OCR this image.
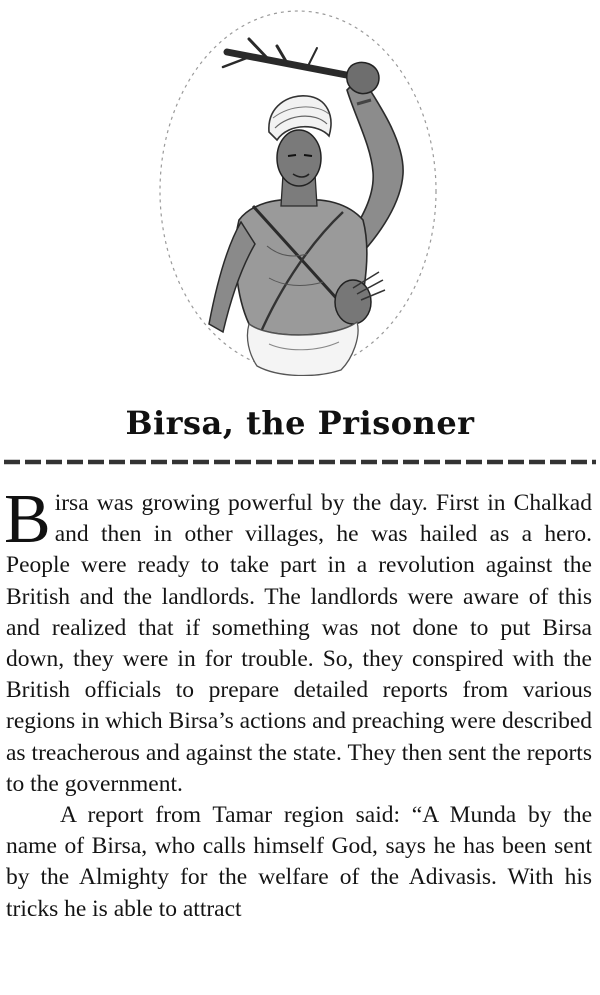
Birsa, the Prisoner

Birsa was growing powerful by the day. First in Chalkad and then in other villages, he was hailed as a hero. People were ready to take part in a revolution against the British and the landlords. The landlords were aware of this and realized that if something was not done to put Birsa down, they were in for trouble. So, they conspired with the British officials to prepare detailed reports from various regions in which Birsa’s actions and preaching were described as treacherous and against the state. They then sent the reports to the government.

A report from Tamar region said: “A Munda by the name of Birsa, who calls himself God, says he has been sent by the Almighty for the welfare of the Adivasis. With his tricks he is able to attract
